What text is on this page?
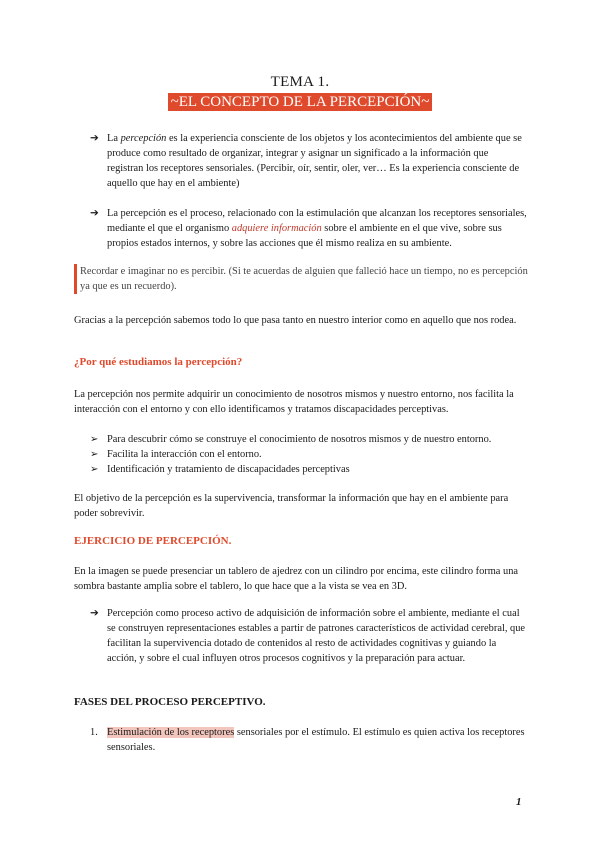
TEMA 1.
~EL CONCEPTO DE LA PERCEPCIÓN~
➔ La percepción es la experiencia consciente de los objetos y los acontecimientos del ambiente que se produce como resultado de organizar, integrar y asignar un significado a la información que registran los receptores sensoriales. (Percibir, oír, sentir, oler, ver… Es la experiencia consciente de aquello que hay en el ambiente)
➔ La percepción es el proceso, relacionado con la estimulación que alcanzan los receptores sensoriales, mediante el que el organismo adquiere información sobre el ambiente en el que vive, sobre sus propios estados internos, y sobre las acciones que él mismo realiza en su ambiente.
Recordar e imaginar no es percibir. (Si te acuerdas de alguien que falleció hace un tiempo, no es percepción ya que es un recuerdo).
Gracias a la percepción sabemos todo lo que pasa tanto en nuestro interior como en aquello que nos rodea.
¿Por qué estudiamos la percepción?
La percepción nos permite adquirir un conocimiento de nosotros mismos y nuestro entorno, nos facilita la interacción con el entorno y con ello identificamos y tratamos discapacidades perceptivas.
➢ Para descubrir cómo se construye el conocimiento de nosotros mismos y de nuestro entorno.
➢ Facilita la interacción con el entorno.
➢ Identificación y tratamiento de discapacidades perceptivas
El objetivo de la percepción es la supervivencia, transformar la información que hay en el ambiente para poder sobrevivir.
EJERCICIO DE PERCEPCIÓN.
En la imagen se puede presenciar un tablero de ajedrez con un cilindro por encima, este cilindro forma una sombra bastante amplia sobre el tablero, lo que hace que a la vista se vea en 3D.
➔ Percepción como proceso activo de adquisición de información sobre el ambiente, mediante el cual se construyen representaciones estables a partir de patrones característicos de actividad cerebral, que facilitan la supervivencia dotado de contenidos al resto de actividades cognitivas y guiando la acción, y sobre el cual influyen otros procesos cognitivos y la preparación para actuar.
FASES DEL PROCESO PERCEPTIVO.
1. Estimulación de los receptores sensoriales por el estímulo. El estímulo es quien activa los receptores sensoriales.
1
